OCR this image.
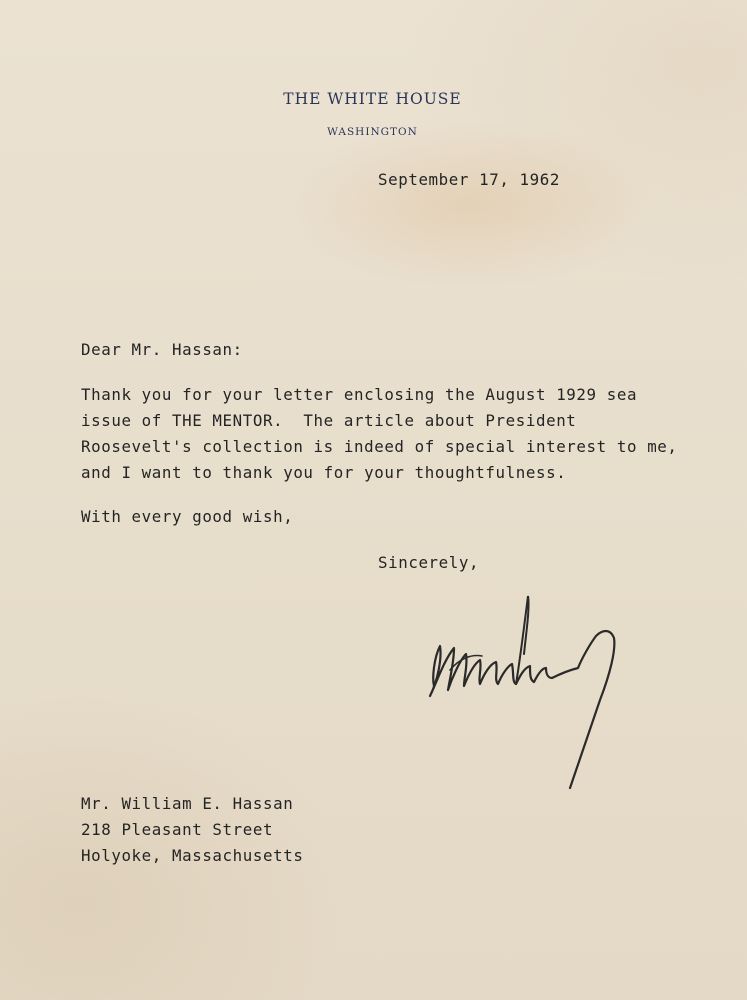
THE WHITE HOUSE
WASHINGTON
September 17, 1962
Dear Mr. Hassan:
Thank you for your letter enclosing the August 1929 sea
issue of THE MENTOR.  The article about President
Roosevelt's collection is indeed of special interest to me,
and I want to thank you for your thoughtfulness.
With every good wish,
Sincerely,
Mr. William E. Hassan
218 Pleasant Street
Holyoke, Massachusetts
